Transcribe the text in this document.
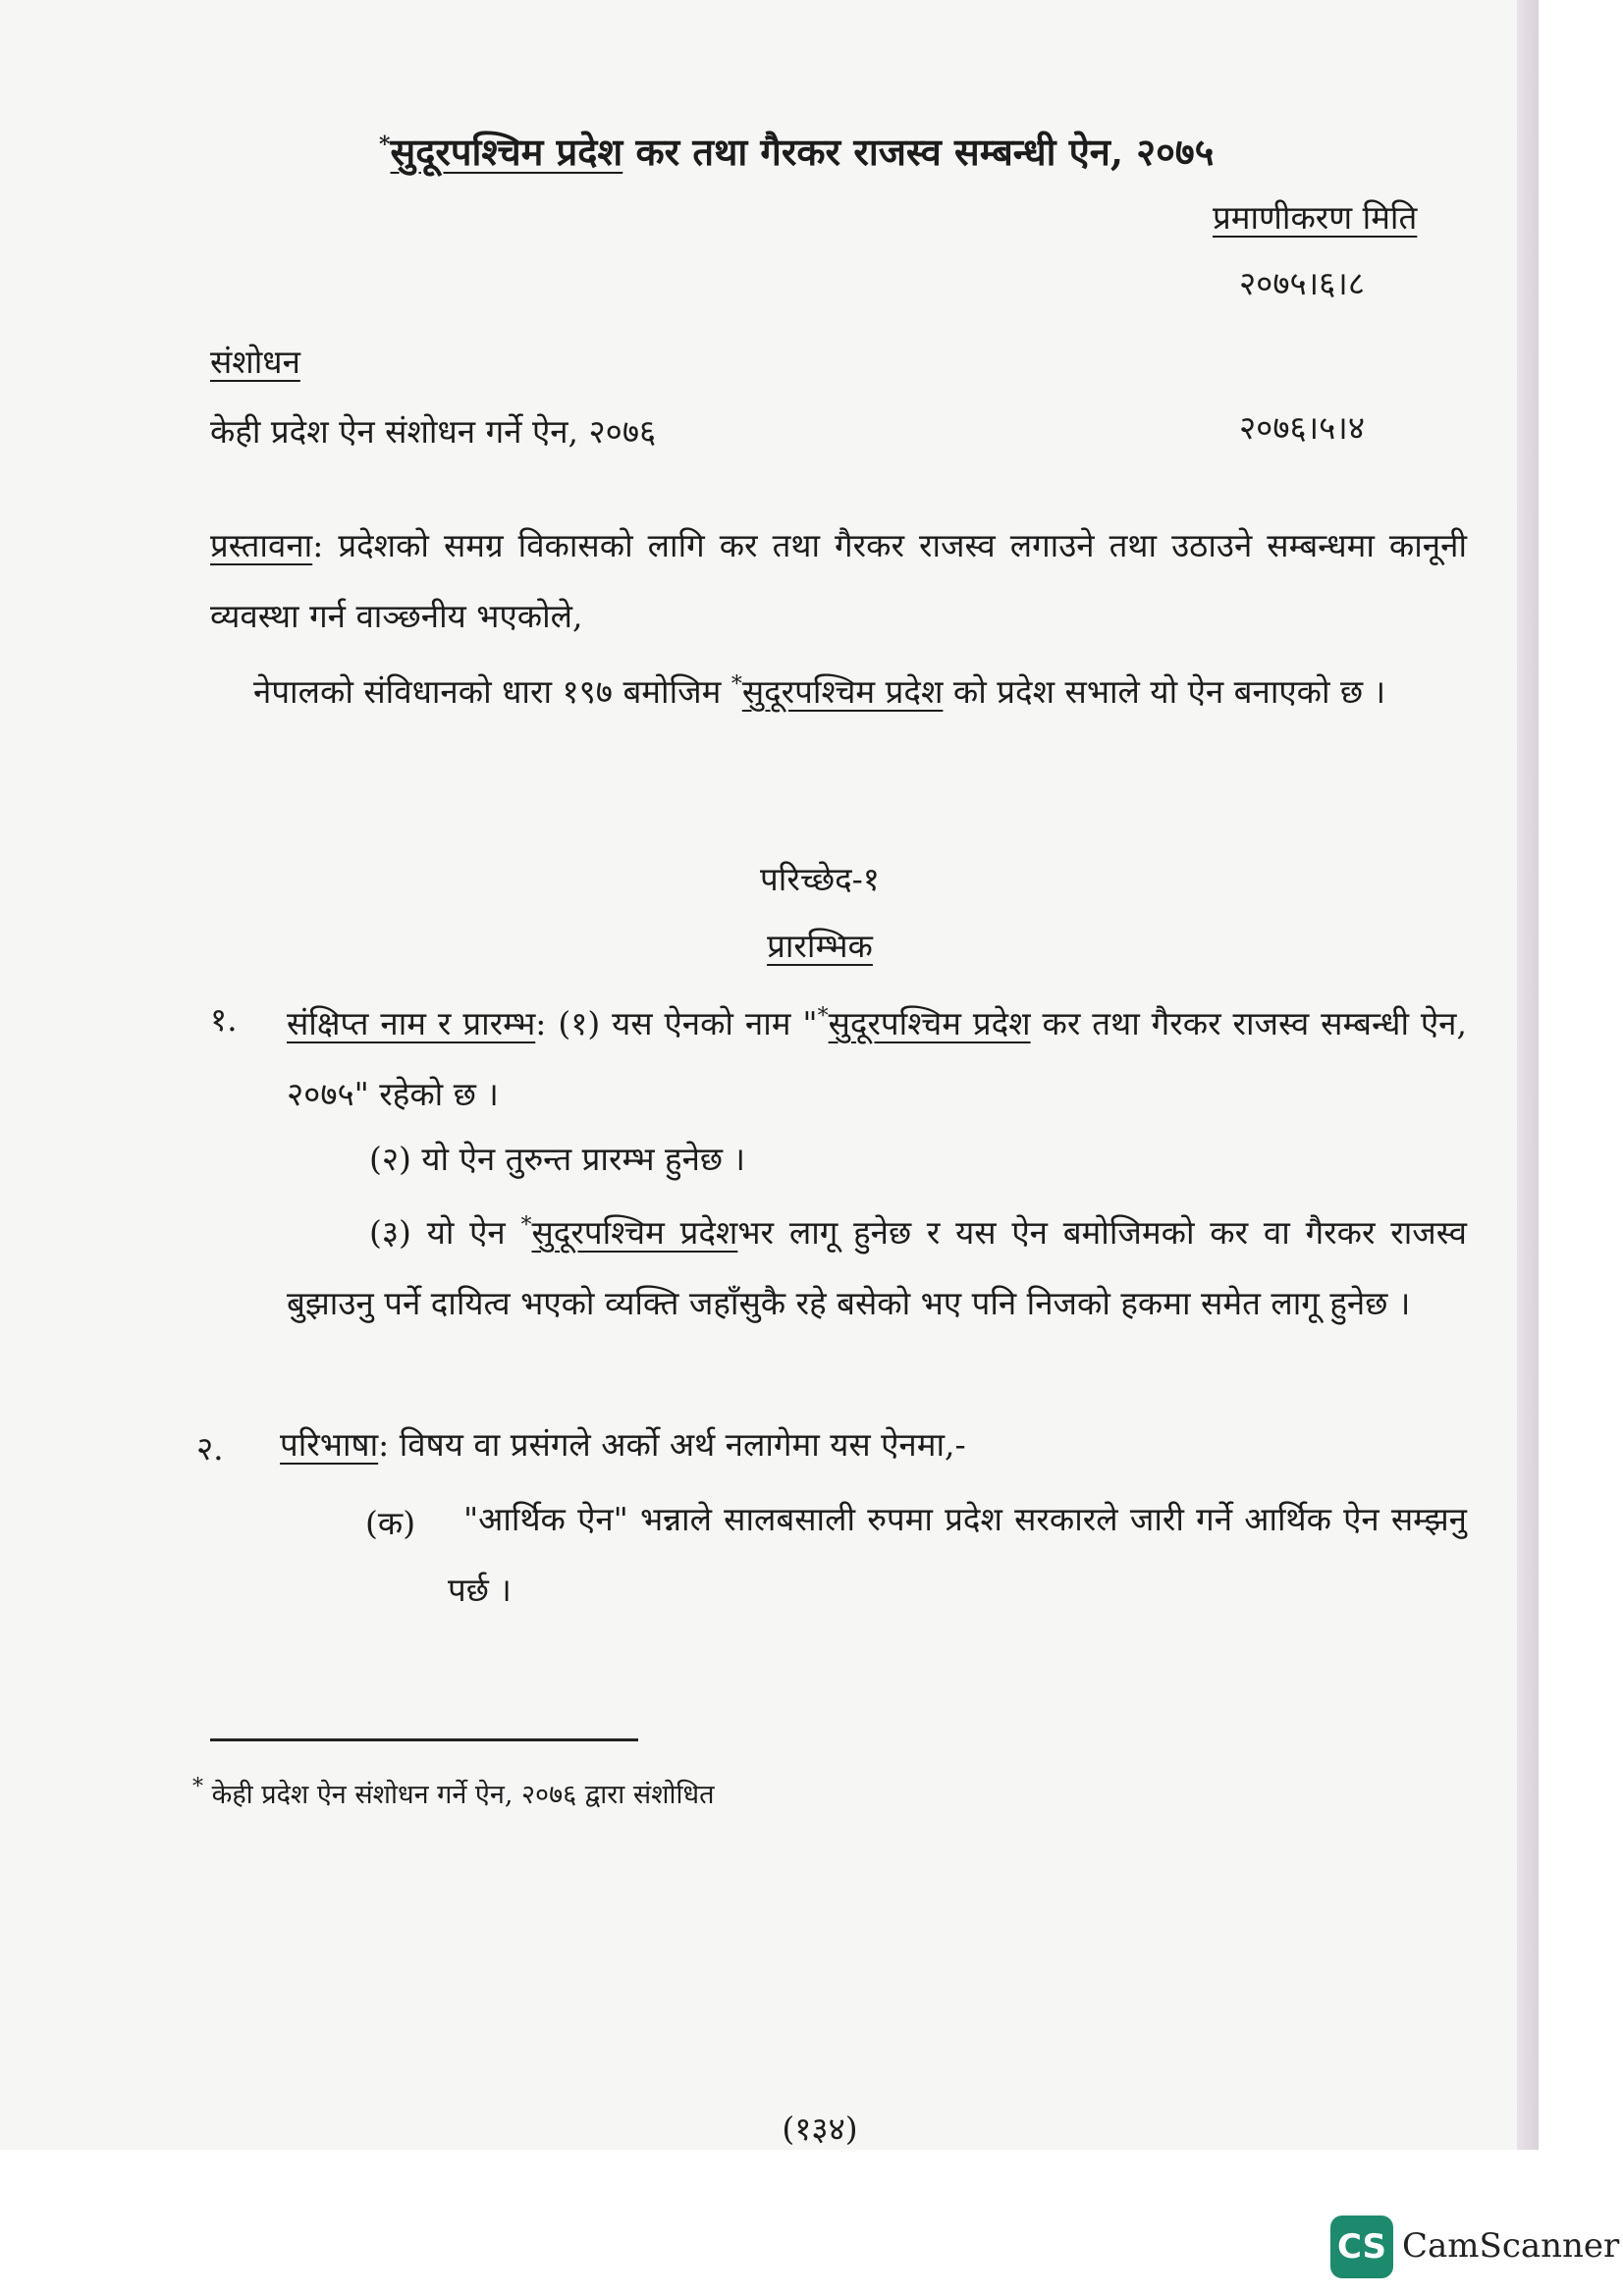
*सुदूरपश्चिम प्रदेश कर तथा गैरकर राजस्व सम्बन्धी ऐन, २०७५
प्रमाणीकरण मिति
२०७५।६।८
संशोधन
केही प्रदेश ऐन संशोधन गर्ने ऐन, २०७६	२०७६।५।४
प्रस्तावना: प्रदेशको समग्र विकासको लागि कर तथा गैरकर राजस्व लगाउने तथा उठाउने सम्बन्धमा कानूनी व्यवस्था गर्न वाञ्छनीय भएकोले,
नेपालको संविधानको धारा १९७ बमोजिम *सुदूरपश्चिम प्रदेश को प्रदेश सभाले यो ऐन बनाएको छ ।
परिच्छेद-१
प्रारम्भिक
१. संक्षिप्त नाम र प्रारम्भ: (१) यस ऐनको नाम "*सुदूरपश्चिम प्रदेश कर तथा गैरकर राजस्व सम्बन्धी ऐन, २०७५" रहेको छ ।
(२) यो ऐन तुरुन्त प्रारम्भ हुनेछ ।
(३) यो ऐन *सुदूरपश्चिम प्रदेशभर लागू हुनेछ र यस ऐन बमोजिमको कर वा गैरकर राजस्व बुझाउनु पर्ने दायित्व भएको व्यक्ति जहाँसुकै रहे बसेको भए पनि निजको हकमा समेत लागू हुनेछ ।
२. परिभाषा: विषय वा प्रसंगले अर्को अर्थ नलागेमा यस ऐनमा,-
(क)	"आर्थिक ऐन" भन्नाले सालबसाली रुपमा प्रदेश सरकारले जारी गर्ने आर्थिक ऐन सम्झनु पर्छ ।
* केही प्रदेश ऐन संशोधन गर्ने ऐन, २०७६ द्वारा संशोधित
(१३४)
CS CamScanner
